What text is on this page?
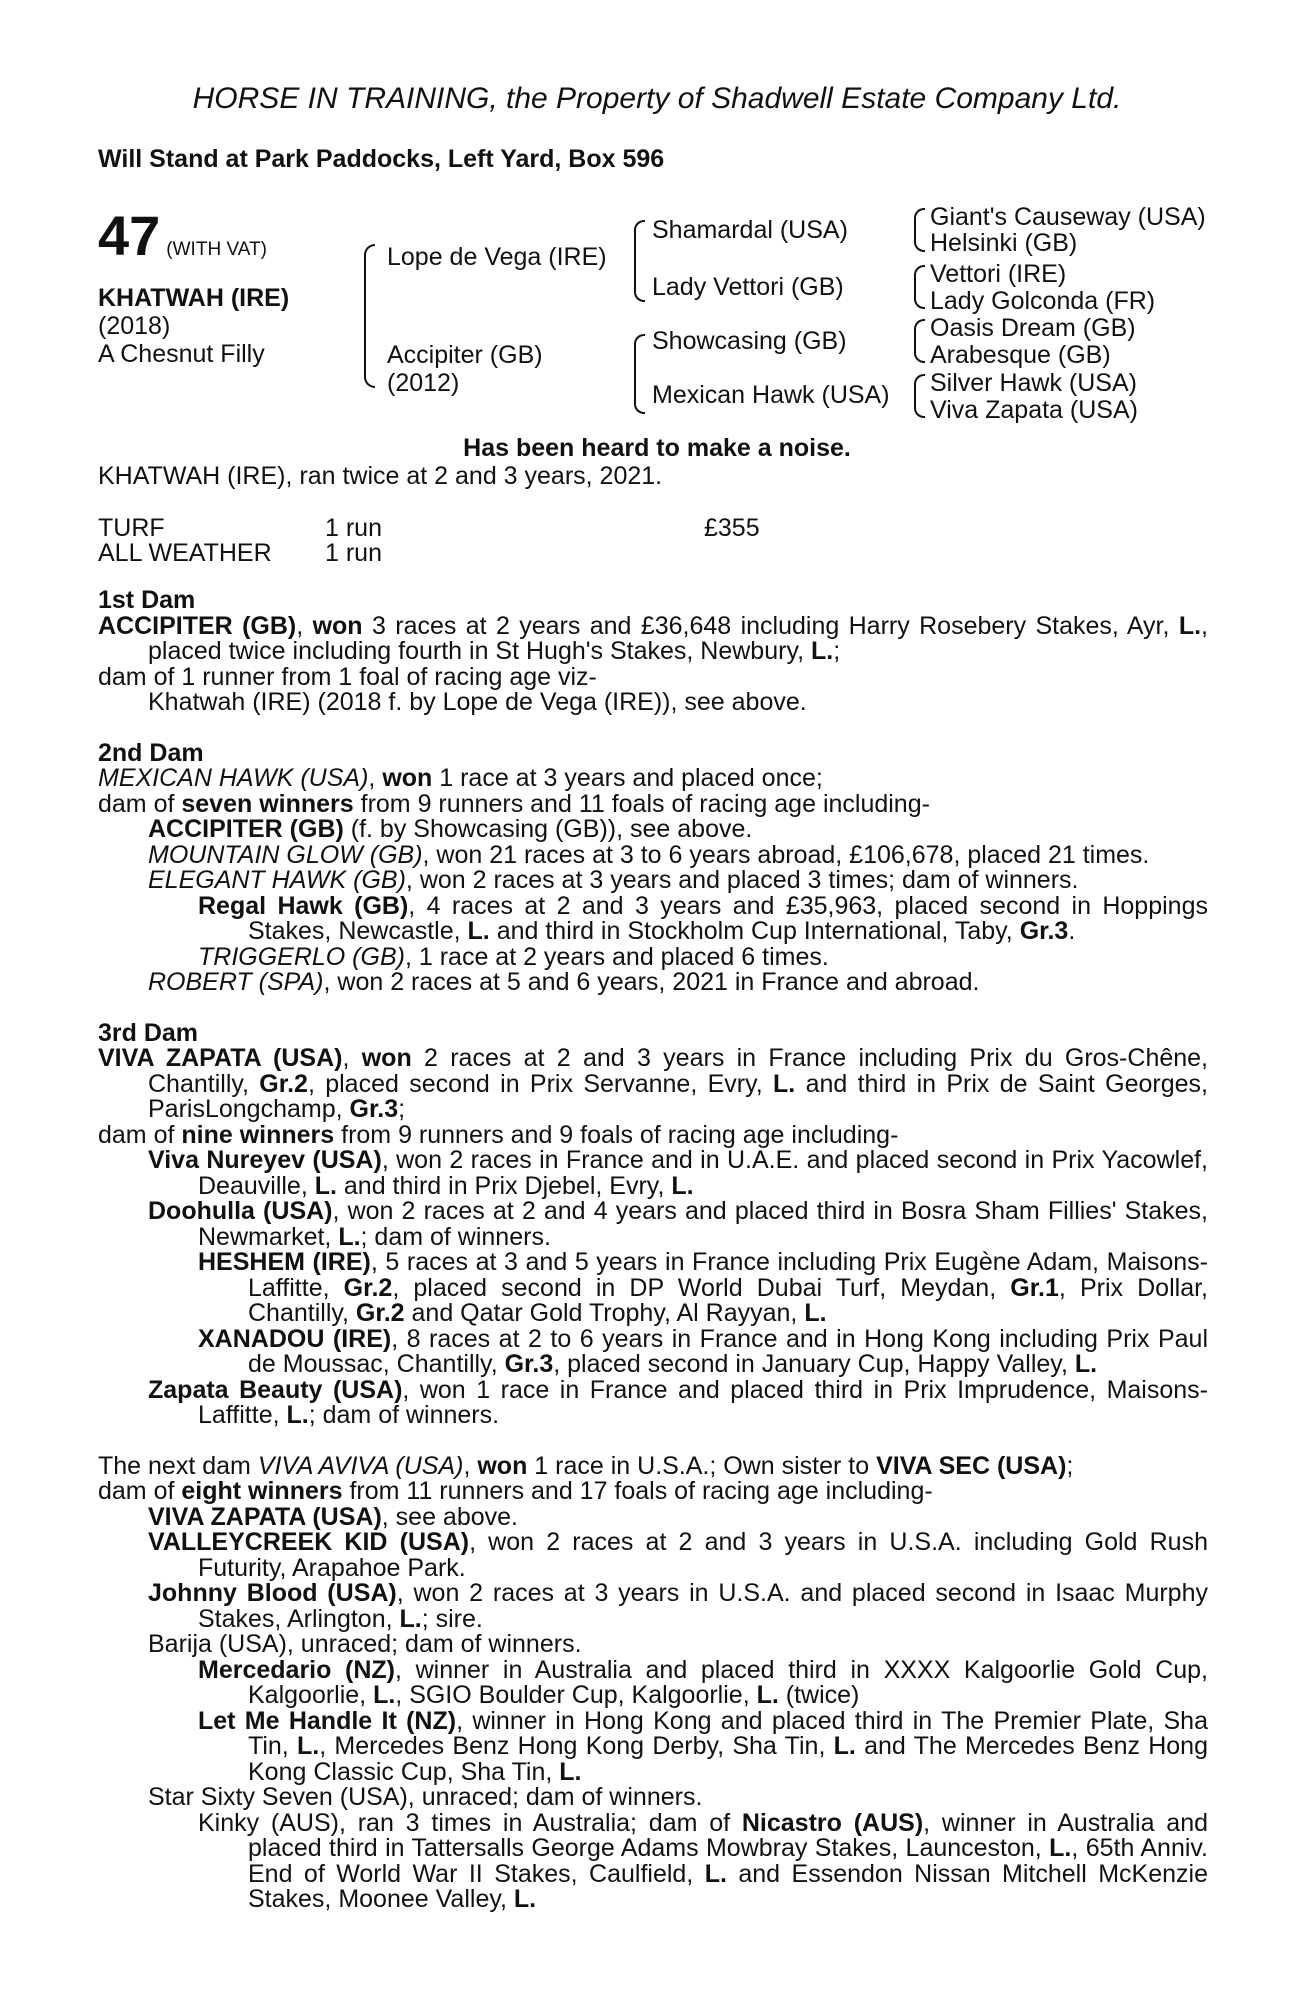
HORSE IN TRAINING, the Property of Shadwell Estate Company Ltd.
Will Stand at Park Paddocks, Left Yard, Box 596
47 (WITH VAT)
KHATWAH (IRE)
(2018)
A Chesnut Filly
Lope de Vega (IRE)
Accipiter (GB)
(2012)
Shamardal (USA)
Lady Vettori (GB)
Showcasing (GB)
Mexican Hawk (USA)
Giant's Causeway (USA)
Helsinki (GB)
Vettori (IRE)
Lady Golconda (FR)
Oasis Dream (GB)
Arabesque (GB)
Silver Hawk (USA)
Viva Zapata (USA)
Has been heard to make a noise.
KHATWAH (IRE), ran twice at 2 and 3 years, 2021.
TURF	1 run	£355
ALL WEATHER 1 run

1st Dam

ACCIPITER (GB), won 3 races at 2 years and £36,648 including Harry Rosebery Stakes, Ayr, L., placed twice including fourth in St Hugh's Stakes, Newbury, L.;

dam of 1 runner from 1 foal of racing age viz-

Khatwah (IRE) (2018 f. by Lope de Vega (IRE)), see above.

2nd Dam

MEXICAN HAWK (USA), won 1 race at 3 years and placed once;

dam of seven winners from 9 runners and 11 foals of racing age including-

ACCIPITER (GB) (f. by Showcasing (GB)), see above.

MOUNTAIN GLOW (GB), won 21 races at 3 to 6 years abroad, £106,678, placed 21 times.

ELEGANT HAWK (GB), won 2 races at 3 years and placed 3 times; dam of winners.

Regal Hawk (GB), 4 races at 2 and 3 years and £35,963, placed second in Hoppings Stakes, Newcastle, L. and third in Stockholm Cup International, Taby, Gr.3.

TRIGGERLO (GB), 1 race at 2 years and placed 6 times.

ROBERT (SPA), won 2 races at 5 and 6 years, 2021 in France and abroad.

3rd Dam

VIVA ZAPATA (USA), won 2 races at 2 and 3 years in France including Prix du Gros-Chêne, Chantilly, Gr.2, placed second in Prix Servanne, Evry, L. and third in Prix de Saint Georges, ParisLongchamp, Gr.3;

dam of nine winners from 9 runners and 9 foals of racing age including-

Viva Nureyev (USA), won 2 races in France and in U.A.E. and placed second in Prix Yacowlef, Deauville, L. and third in Prix Djebel, Evry, L.

Doohulla (USA), won 2 races at 2 and 4 years and placed third in Bosra Sham Fillies' Stakes, Newmarket, L.; dam of winners.

HESHEM (IRE), 5 races at 3 and 5 years in France including Prix Eugène Adam, Maisons-Laffitte, Gr.2, placed second in DP World Dubai Turf, Meydan, Gr.1, Prix Dollar, Chantilly, Gr.2 and Qatar Gold Trophy, Al Rayyan, L.

XANADOU (IRE), 8 races at 2 to 6 years in France and in Hong Kong including Prix Paul de Moussac, Chantilly, Gr.3, placed second in January Cup, Happy Valley, L.

Zapata Beauty (USA), won 1 race in France and placed third in Prix Imprudence, Maisons-Laffitte, L.; dam of winners.

The next dam VIVA AVIVA (USA), won 1 race in U.S.A.; Own sister to VIVA SEC (USA);

dam of eight winners from 11 runners and 17 foals of racing age including-

VIVA ZAPATA (USA), see above.

VALLEYCREEK KID (USA), won 2 races at 2 and 3 years in U.S.A. including Gold Rush Futurity, Arapahoe Park.

Johnny Blood (USA), won 2 races at 3 years in U.S.A. and placed second in Isaac Murphy Stakes, Arlington, L.; sire.

Barija (USA), unraced; dam of winners.

Mercedario (NZ), winner in Australia and placed third in XXXX Kalgoorlie Gold Cup, Kalgoorlie, L., SGIO Boulder Cup, Kalgoorlie, L. (twice)

Let Me Handle It (NZ), winner in Hong Kong and placed third in The Premier Plate, Sha Tin, L., Mercedes Benz Hong Kong Derby, Sha Tin, L. and The Mercedes Benz Hong Kong Classic Cup, Sha Tin, L.

Star Sixty Seven (USA), unraced; dam of winners.

Kinky (AUS), ran 3 times in Australia; dam of Nicastro (AUS), winner in Australia and placed third in Tattersalls George Adams Mowbray Stakes, Launceston, L., 65th Anniv. End of World War II Stakes, Caulfield, L. and Essendon Nissan Mitchell McKenzie Stakes, Moonee Valley, L.
